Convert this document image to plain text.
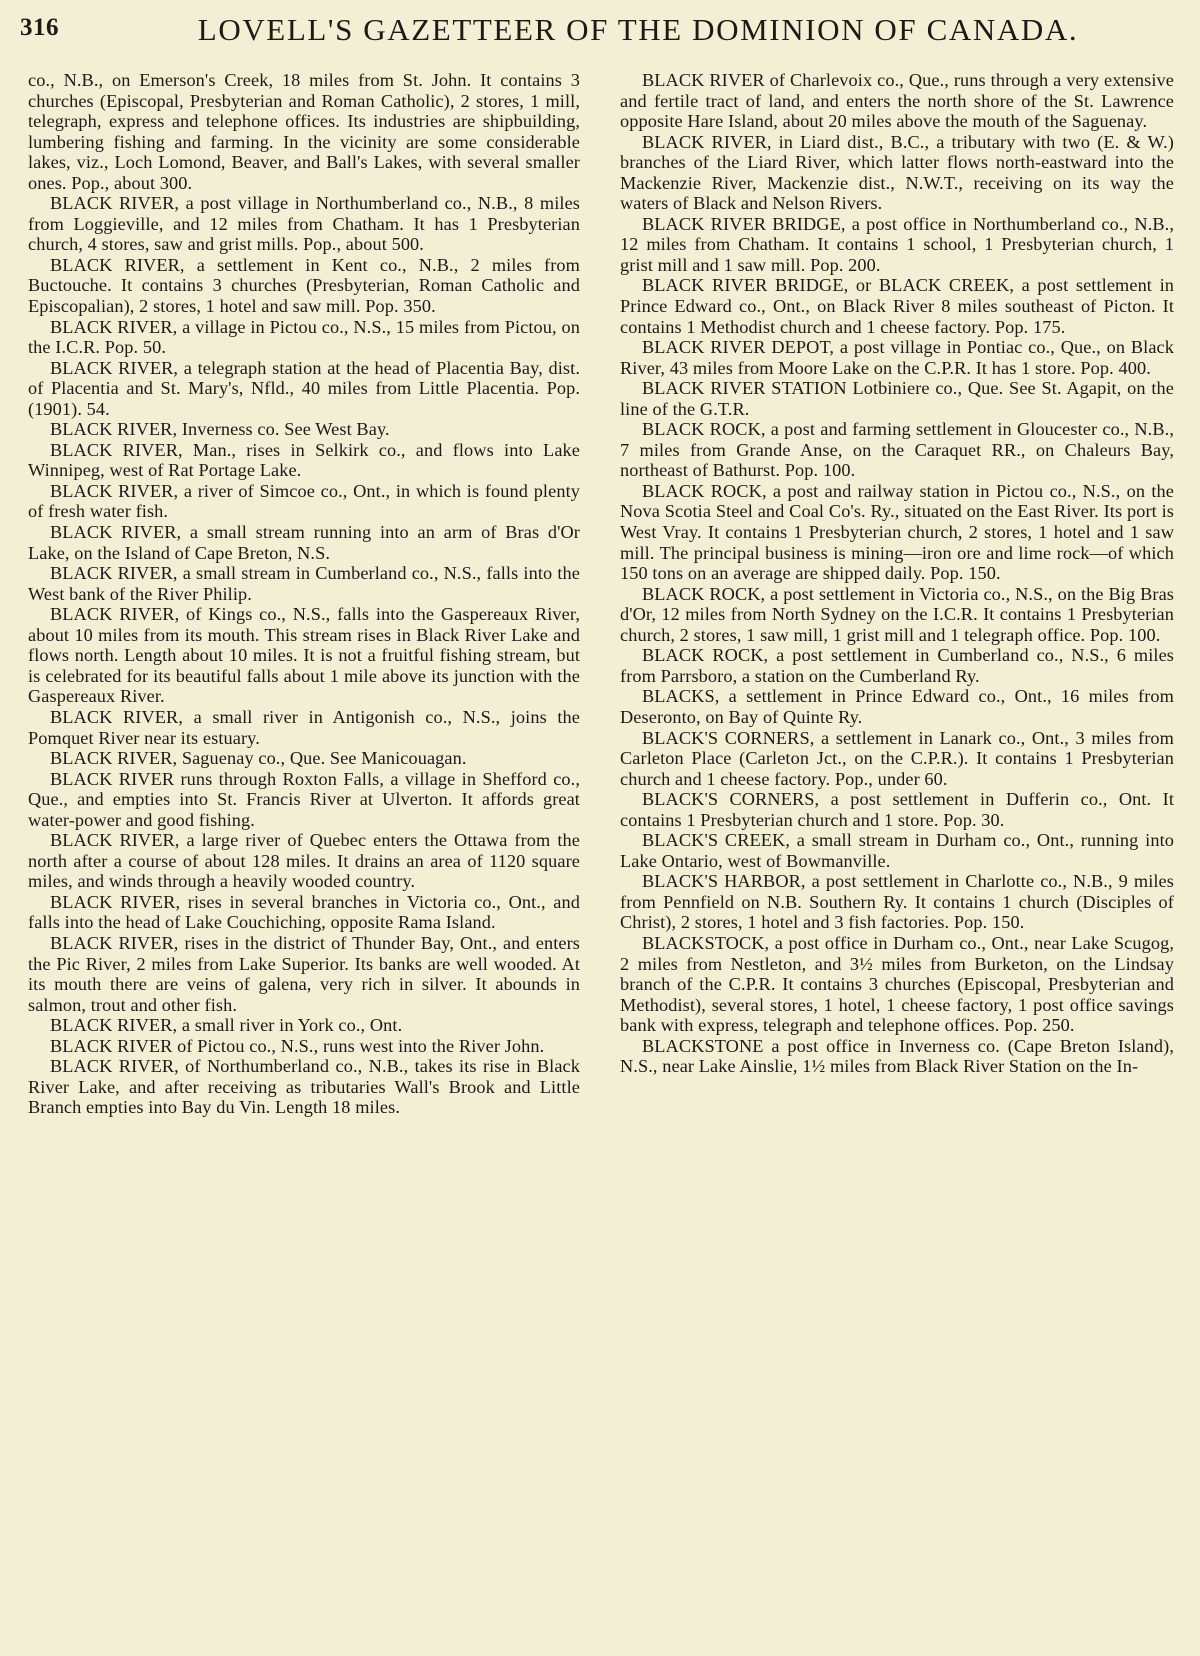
316	LOVELL'S GAZETTEER OF THE DOMINION OF CANADA.

co., N.B., on Emerson's Creek, 18 miles from St. John. It contains 3 churches (Episcopal, Presbyterian and Roman Catholic), 2 stores, 1 mill, telegraph, express and telephone offices. Its industries are shipbuilding, lumbering fishing and farming. In the vicinity are some considerable lakes, viz., Loch Lomond, Beaver, and Ball's Lakes, with several smaller ones. Pop., about 300.

BLACK RIVER, a post village in Northumberland co., N.B., 8 miles from Loggieville, and 12 miles from Chatham. It has 1 Presbyterian church, 4 stores, saw and grist mills. Pop., about 500.

BLACK RIVER, a settlement in Kent co., N.B., 2 miles from Buctouche. It contains 3 churches (Presbyterian, Roman Catholic and Episcopalian), 2 stores, 1 hotel and saw mill. Pop. 350.

BLACK RIVER, a village in Pictou co., N.S., 15 miles from Pictou, on the I.C.R. Pop. 50.

BLACK RIVER, a telegraph station at the head of Placentia Bay, dist. of Placentia and St. Mary's, Nfld., 40 miles from Little Placentia. Pop. (1901). 54.

BLACK RIVER, Inverness co. See West Bay.

BLACK RIVER, Man., rises in Selkirk co., and flows into Lake Winnipeg, west of Rat Portage Lake.

BLACK RIVER, a river of Simcoe co., Ont., in which is found plenty of fresh water fish.

BLACK RIVER, a small stream running into an arm of Bras d'Or Lake, on the Island of Cape Breton, N.S.

BLACK RIVER, a small stream in Cumberland co., N.S., falls into the West bank of the River Philip.

BLACK RIVER, of Kings co., N.S., falls into the Gaspereaux River, about 10 miles from its mouth. This stream rises in Black River Lake and flows north. Length about 10 miles. It is not a fruitful fishing stream, but is celebrated for its beautiful falls about 1 mile above its junction with the Gaspereaux River.

BLACK RIVER, a small river in Antigonish co., N.S., joins the Pomquet River near its estuary.

BLACK RIVER, Saguenay co., Que. See Manicouagan.

BLACK RIVER runs through Roxton Falls, a village in Shefford co., Que., and empties into St. Francis River at Ulverton. It affords great water-power and good fishing.

BLACK RIVER, a large river of Quebec enters the Ottawa from the north after a course of about 128 miles. It drains an area of 1120 square miles, and winds through a heavily wooded country.

BLACK RIVER, rises in several branches in Victoria co., Ont., and falls into the head of Lake Couchiching, opposite Rama Island.

BLACK RIVER, rises in the district of Thunder Bay, Ont., and enters the Pic River, 2 miles from Lake Superior. Its banks are well wooded. At its mouth there are veins of galena, very rich in silver. It abounds in salmon, trout and other fish.

BLACK RIVER, a small river in York co., Ont.

BLACK RIVER of Pictou co., N.S., runs west into the River John.

BLACK RIVER, of Northumberland co., N.B., takes its rise in Black River Lake, and after receiving as tributaries Wall's Brook and Little Branch empties into Bay du Vin. Length 18 miles.

BLACK RIVER of Charlevoix co., Que., runs through a very extensive and fertile tract of land, and enters the north shore of the St. Lawrence opposite Hare Island, about 20 miles above the mouth of the Saguenay.

BLACK RIVER, in Liard dist., B.C., a tributary with two (E. & W.) branches of the Liard River, which latter flows north-eastward into the Mackenzie River, Mackenzie dist., N.W.T., receiving on its way the waters of Black and Nelson Rivers.

BLACK RIVER BRIDGE, a post office in Northumberland co., N.B., 12 miles from Chatham. It contains 1 school, 1 Presbyterian church, 1 grist mill and 1 saw mill. Pop. 200.

BLACK RIVER BRIDGE, or BLACK CREEK, a post settlement in Prince Edward co., Ont., on Black River 8 miles southeast of Picton. It contains 1 Methodist church and 1 cheese factory. Pop. 175.

BLACK RIVER DEPOT, a post village in Pontiac co., Que., on Black River, 43 miles from Moore Lake on the C.P.R. It has 1 store. Pop. 400.

BLACK RIVER STATION Lotbiniere co., Que. See St. Agapit, on the line of the G.T.R.

BLACK ROCK, a post and farming settlement in Gloucester co., N.B., 7 miles from Grande Anse, on the Caraquet RR., on Chaleurs Bay, northeast of Bathurst. Pop. 100.

BLACK ROCK, a post and railway station in Pictou co., N.S., on the Nova Scotia Steel and Coal Co's. Ry., situated on the East River. Its port is West Vray. It contains 1 Presbyterian church, 2 stores, 1 hotel and 1 saw mill. The principal business is mining—iron ore and lime rock—of which 150 tons on an average are shipped daily. Pop. 150.

BLACK ROCK, a post settlement in Victoria co., N.S., on the Big Bras d'Or, 12 miles from North Sydney on the I.C.R. It contains 1 Presbyterian church, 2 stores, 1 saw mill, 1 grist mill and 1 telegraph office. Pop. 100.

BLACK ROCK, a post settlement in Cumberland co., N.S., 6 miles from Parrsboro, a station on the Cumberland Ry.

BLACKS, a settlement in Prince Edward co., Ont., 16 miles from Deseronto, on Bay of Quinte Ry.

BLACK'S CORNERS, a settlement in Lanark co., Ont., 3 miles from Carleton Place (Carleton Jct., on the C.P.R.). It contains 1 Presbyterian church and 1 cheese factory. Pop., under 60.

BLACK'S CORNERS, a post settlement in Dufferin co., Ont. It contains 1 Presbyterian church and 1 store. Pop. 30.

BLACK'S CREEK, a small stream in Durham co., Ont., running into Lake Ontario, west of Bowmanville.

BLACK'S HARBOR, a post settlement in Charlotte co., N.B., 9 miles from Pennfield on N.B. Southern Ry. It contains 1 church (Disciples of Christ), 2 stores, 1 hotel and 3 fish factories. Pop. 150.

BLACKSTOCK, a post office in Durham co., Ont., near Lake Scugog, 2 miles from Nestleton, and 3½ miles from Burketon, on the Lindsay branch of the C.P.R. It contains 3 churches (Episcopal, Presbyterian and Methodist), several stores, 1 hotel, 1 cheese factory, 1 post office savings bank with express, telegraph and telephone offices. Pop. 250.

BLACKSTONE a post office in Inverness co. (Cape Breton Island), N.S., near Lake Ainslie, 1½ miles from Black River Station on the In-
